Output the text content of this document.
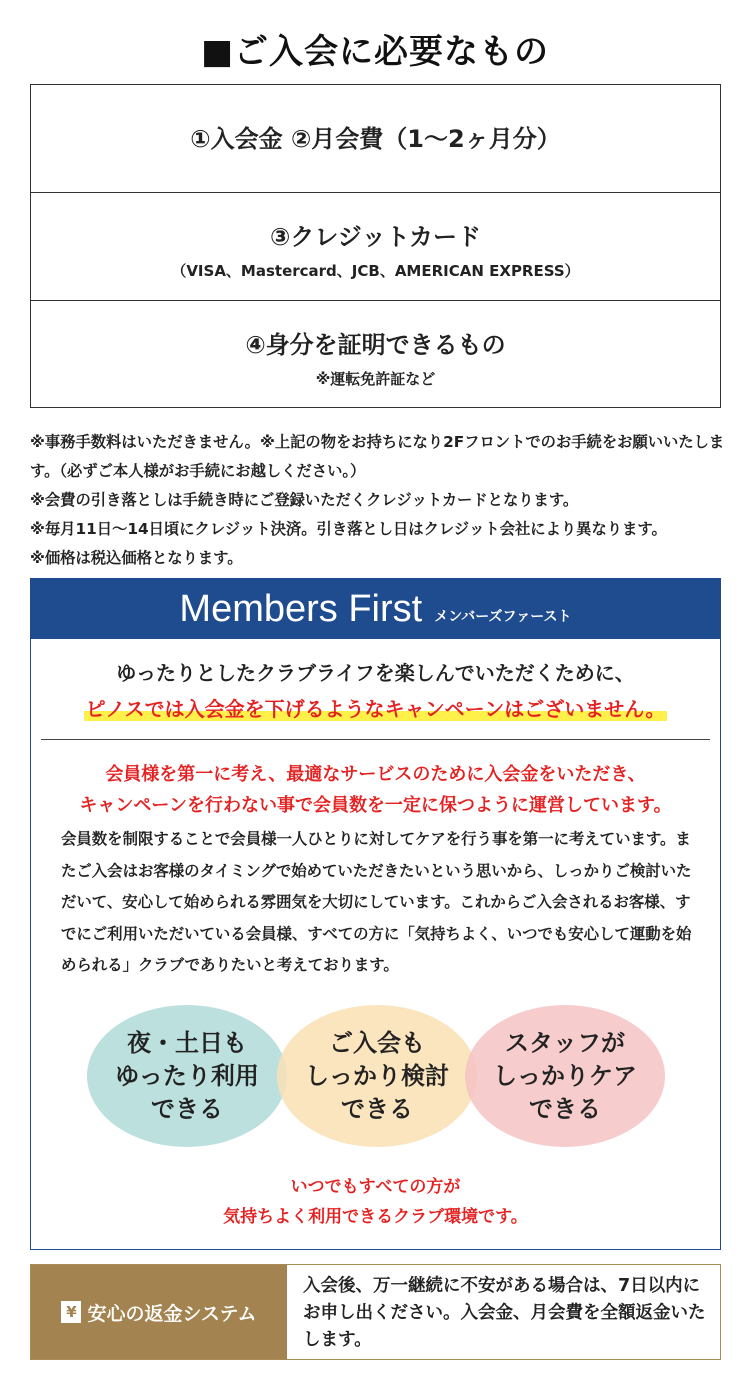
■ご入会に必要なもの
①入会金 ②月会費（1～2ヶ月分）
③クレジットカード
（VISA、Mastercard、JCB、AMERICAN EXPRESS）
④身分を証明できるもの
※運転免許証など

※事務手数料はいただきません。※上記の物をお持ちになり2Fフロントでのお手続をお願いいたします。（必ずご本人様がお手続にお越しください。）

※会費の引き落としは手続き時にご登録いただくクレジットカードとなります。

※毎月11日～14日頃にクレジット決済。引き落とし日はクレジット会社により異なります。

※価格は税込価格となります。

Members First メンバーズファースト
ゆったりとしたクラブライフを楽しんでいただくために、
ピノスでは入会金を下げるようなキャンペーンはございません。
会員様を第一に考え、最適なサービスのために入会金をいただき、
キャンペーンを行わない事で会員数を一定に保つように運営しています。
会員数を制限することで会員様一人ひとりに対してケアを行う事を第一に考えています。またご入会はお客様のタイミングで始めていただきたいという思いから、しっかりご検討いただいて、安心して始められる雰囲気を大切にしています。これからご入会されるお客様、すでにご利用いただいている会員様、すべての方に「気持ちよく、いつでも安心して運動を始められる」クラブでありたいと考えております。
夜・土日も
ゆったり利用
できる
ご入会も
しっかり検討
できる
スタッフが
しっかりケア
できる
いつでもすべての方が
気持ちよく利用できるクラブ環境です。
¥ 安心の返金システム
入会後、万一継続に不安がある場合は、7日以内にお申し出ください。入会金、月会費を全額返金いたします。
